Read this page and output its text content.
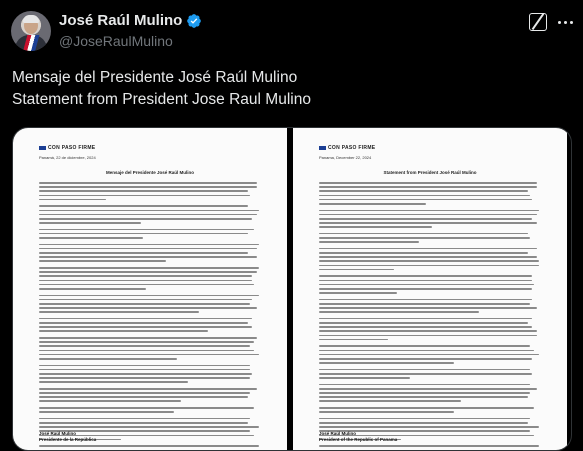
José Raúl Mulino
@JoseRaulMulino
Mensaje del Presidente José Raúl Mulino
Statement from President Jose Raul Mulino
CON PASO FIRME
Panamá, 22 de diciembre, 2024
Mensaje del Presidente José Raúl Mulino
José Raúl Mulino
Presidente de la República
CON PASO FIRME
Panama, December 22, 2024
Statement from President José Raúl Mulino
José Raúl Mulino
President of the Republic of Panama
